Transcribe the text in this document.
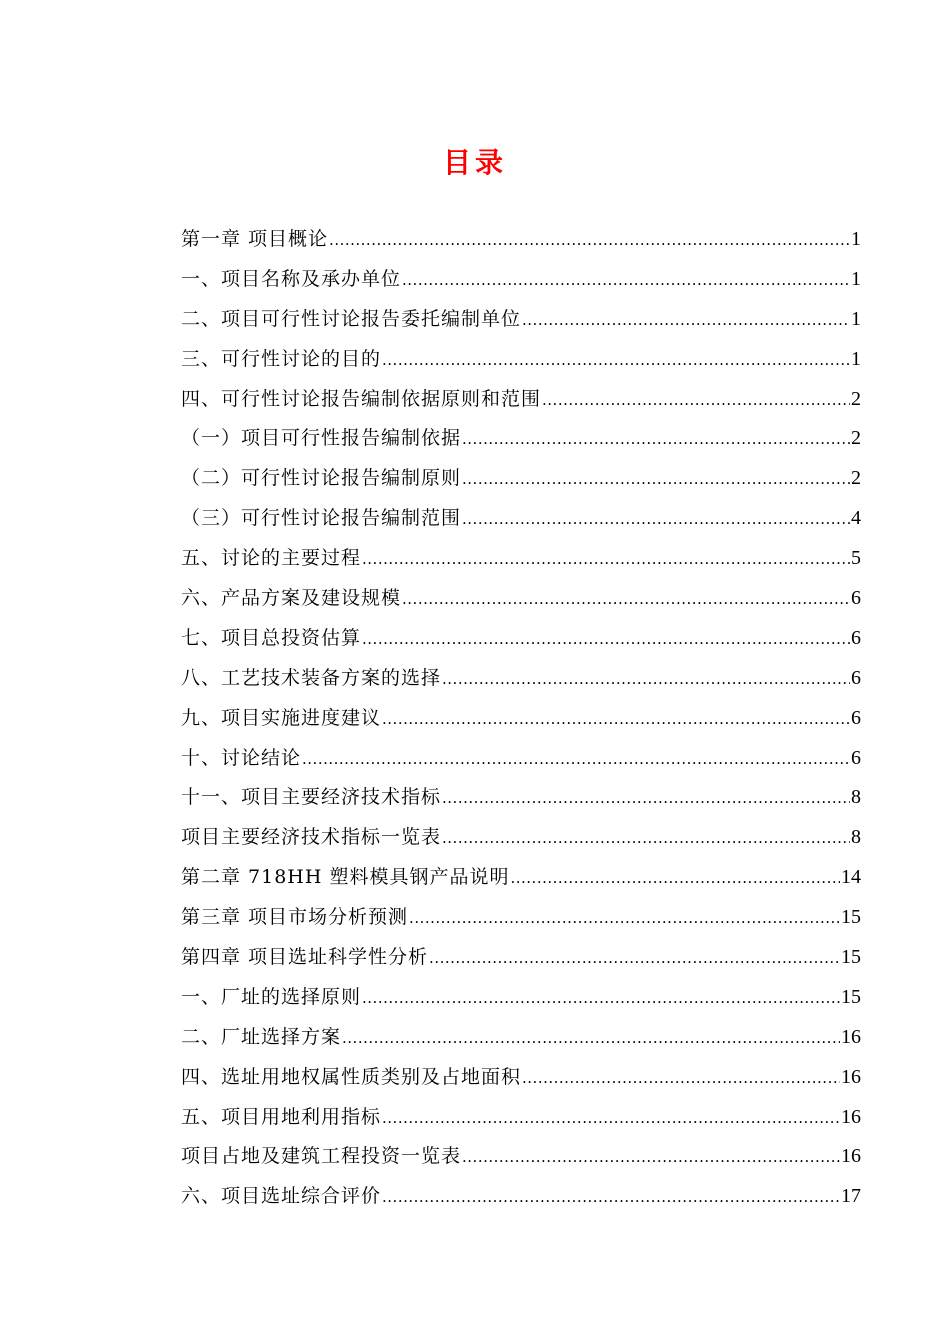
目录
第一章 项目概论 .....	1
一、项目名称及承办单位 .....	1
二、项目可行性讨论报告委托编制单位 .....	1
三、可行性讨论的目的 .....	1
四、可行性讨论报告编制依据原则和范围 .....	2
（一）项目可行性报告编制依据 .....	2
（二）可行性讨论报告编制原则 .....	2
（三）可行性讨论报告编制范围 .....	4
五、讨论的主要过程 .....	5
六、产品方案及建设规模 .....	6
七、项目总投资估算 .....	6
八、工艺技术装备方案的选择 .....	6
九、项目实施进度建议 .....	6
十、讨论结论 .....	6
十一、项目主要经济技术指标 .....	8
项目主要经济技术指标一览表 .....	8
第二章 718HH 塑料模具钢产品说明 .....	14
第三章 项目市场分析预测 .....	15
第四章 项目选址科学性分析 .....	15
一、厂址的选择原则 .....	15
二、厂址选择方案 .....	16
四、选址用地权属性质类别及占地面积 .....	16
五、项目用地利用指标 .....	16
项目占地及建筑工程投资一览表 .....	16
六、项目选址综合评价 .....	17
